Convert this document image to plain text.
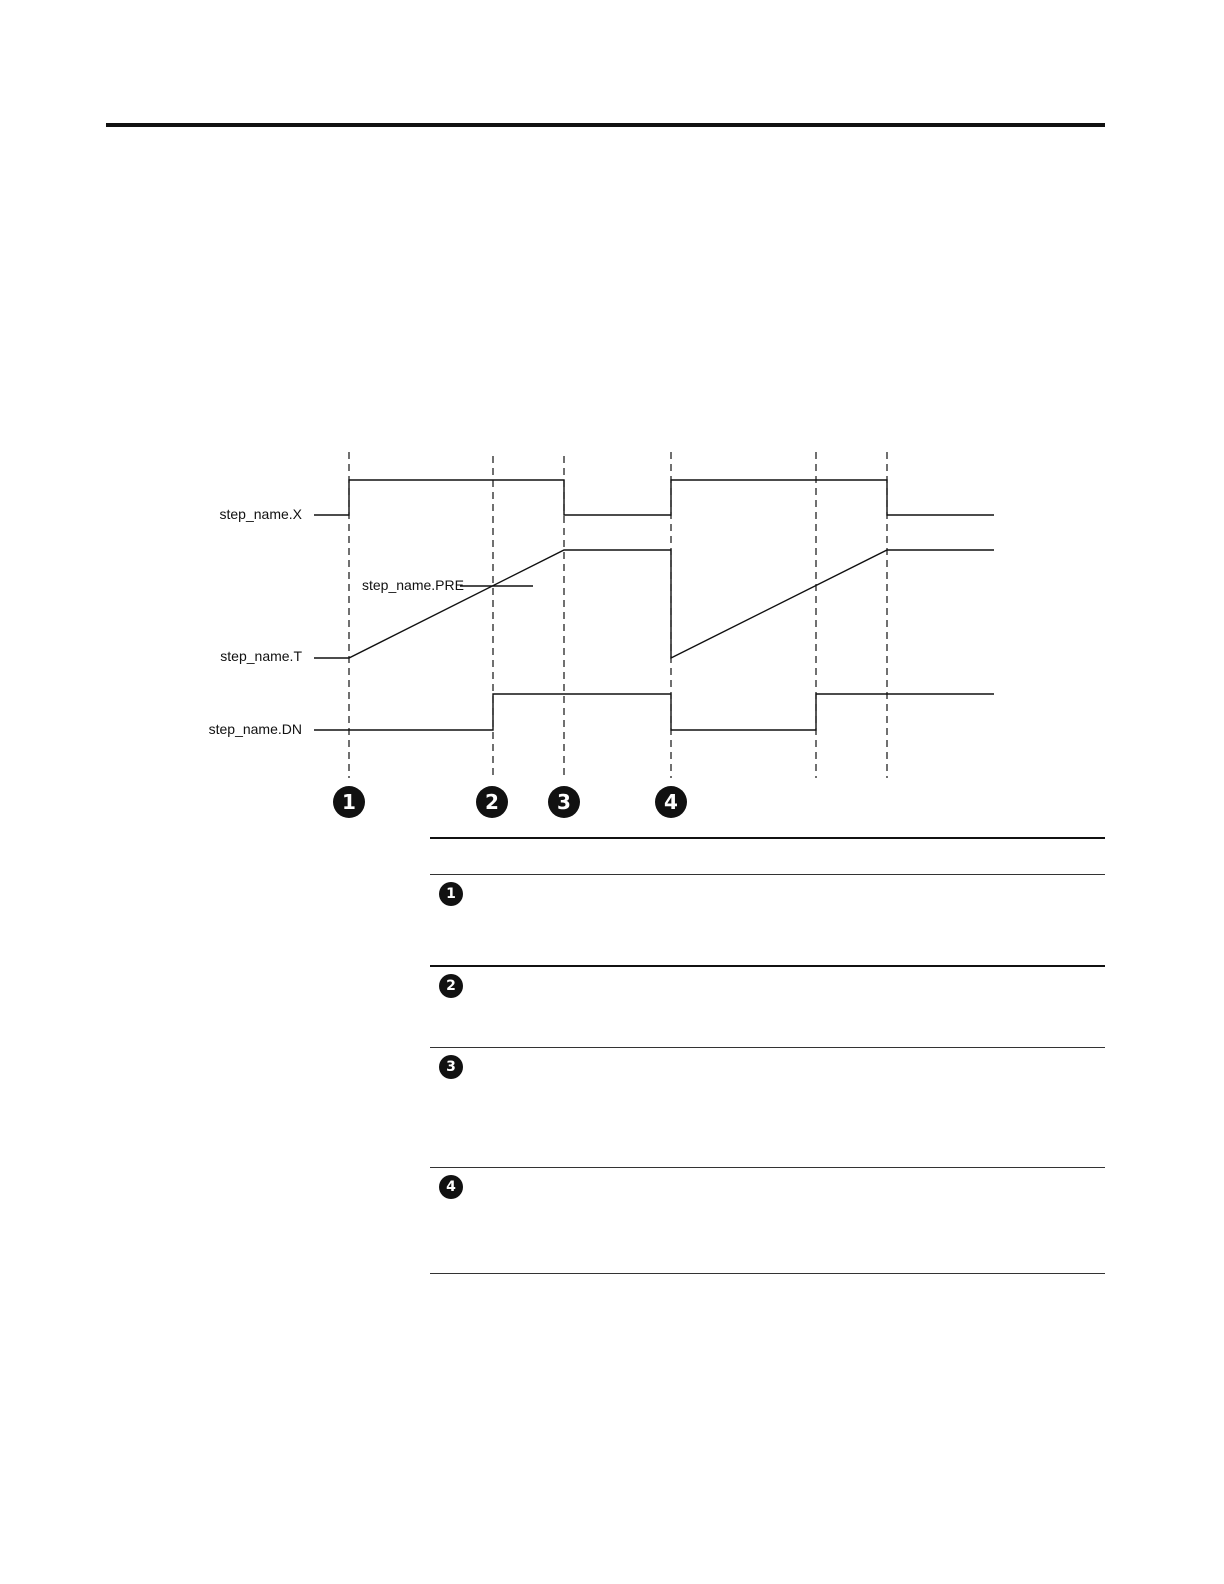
step_name.X
step_name.T
step_name.DN
step_name.PRE
1	2	3	4
1
2
3
4
